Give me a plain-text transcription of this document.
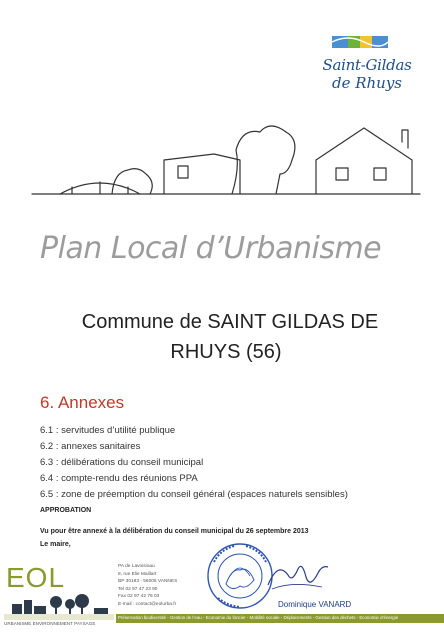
Saint-Gildas
de Rhuys
Plan Local d’Urbanisme
Commune de SAINT GILDAS DE
RHUYS (56)
6. Annexes
6.1 : servitudes d’utilité publique
6.2 : annexes sanitaires
6.3 : délibérations du conseil municipal
6.4 : compte-rendu des réunions PPA
6.5 : zone de préemption du conseil général (espaces naturels sensibles)
APPROBATION
Vu pour être annexé à la délibération du conseil municipal du 26 septembre 2013
Le maire,
EOL
URBANISME ENVIRONNEMENT PAYSAGE
PA de Lavoisioau
8, rue Elie Maillart
BP 30183 - 56005 VANNES
Tel 02 97 47 23 90
Fax 02 97 42 76 03
E-mail : contact@eolurba.fr	Dominique VANARD
Préservation biodiversité - Gestion de l’eau - Economie du foncier - Mobilité sociale - Déplacements - Gestion des déchets - Economie d’énergie
